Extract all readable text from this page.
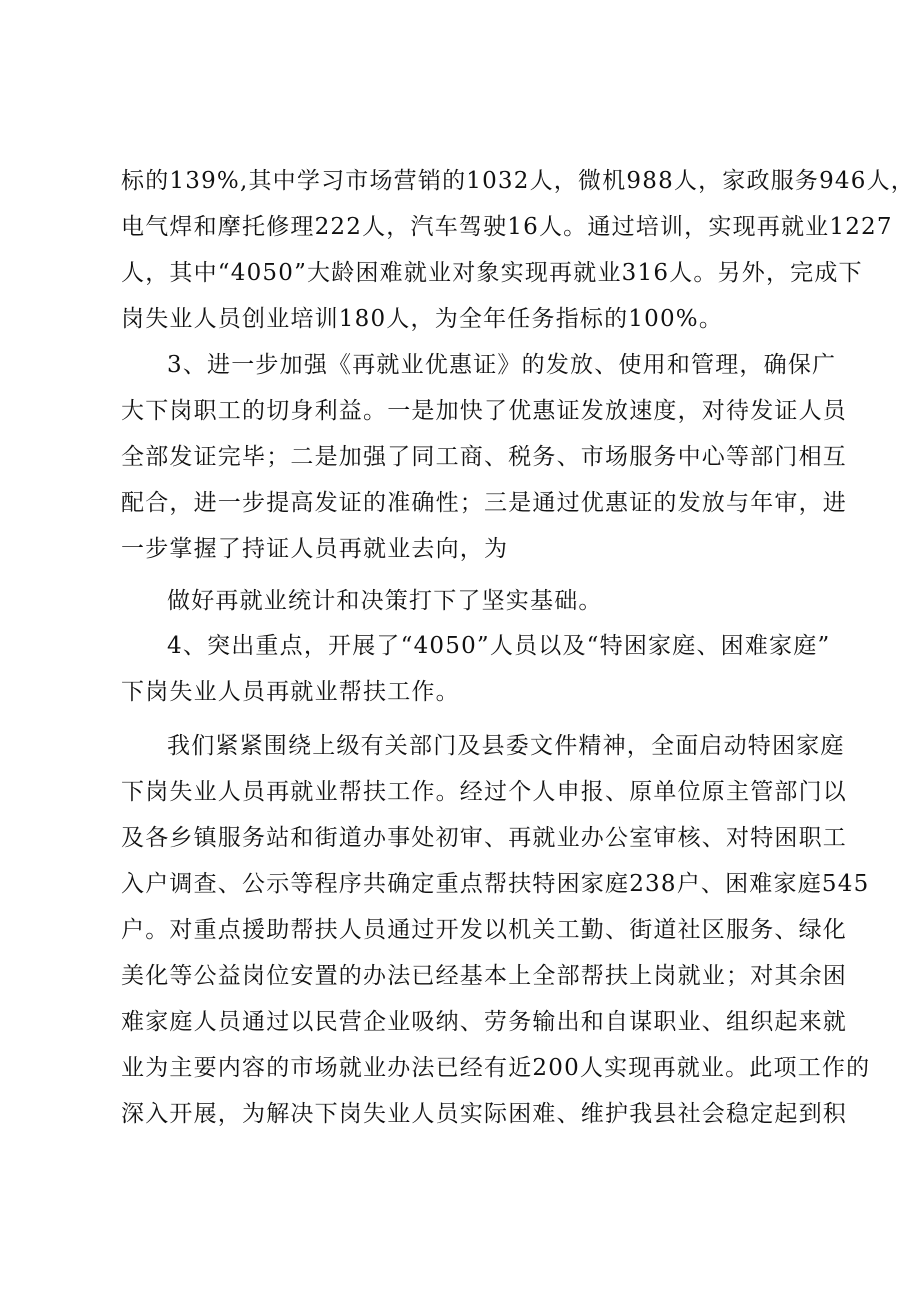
标的139%,其中学习市场营销的1032人，微机988人，家政服务946人，
电气焊和摩托修理222人，汽车驾驶16人。通过培训，实现再就业1227
人，其中“4050”大龄困难就业对象实现再就业316人。另外，完成下
岗失业人员创业培训180人，为全年任务指标的100%。
3、进一步加强《再就业优惠证》的发放、使用和管理，确保广
大下岗职工的切身利益。一是加快了优惠证发放速度，对待发证人员
全部发证完毕；二是加强了同工商、税务、市场服务中心等部门相互
配合，进一步提高发证的准确性；三是通过优惠证的发放与年审，进
一步掌握了持证人员再就业去向，为
做好再就业统计和决策打下了坚实基础。
4、突出重点，开展了“4050”人员以及“特困家庭、困难家庭”
下岗失业人员再就业帮扶工作。
我们紧紧围绕上级有关部门及县委文件精神，全面启动特困家庭
下岗失业人员再就业帮扶工作。经过个人申报、原单位原主管部门以
及各乡镇服务站和街道办事处初审、再就业办公室审核、对特困职工
入户调查、公示等程序共确定重点帮扶特困家庭238户、困难家庭545
户。对重点援助帮扶人员通过开发以机关工勤、街道社区服务、绿化
美化等公益岗位安置的办法已经基本上全部帮扶上岗就业；对其余困
难家庭人员通过以民营企业吸纳、劳务输出和自谋职业、组织起来就
业为主要内容的市场就业办法已经有近200人实现再就业。此项工作的
深入开展，为解决下岗失业人员实际困难、维护我县社会稳定起到积
